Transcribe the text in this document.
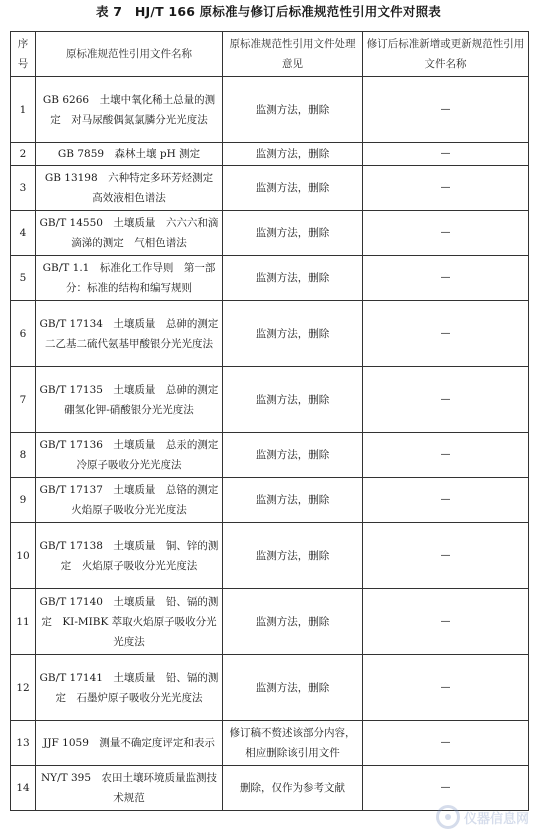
表 7　HJ/T 166 原标准与修订后标准规范性引用文件对照表
序号	原标准规范性引用文件名称	原标准规范性引用文件处理意见	修订后标准新增或更新规范性引用文件名称
1	GB 6266　土壤中氧化稀土总量的测定　对马尿酸偶氮氯膦分光光度法	监测方法，删除	—
2	GB 7859　森林土壤 pH 测定	监测方法，删除	—
3	GB 13198　六种特定多环芳烃测定　高效液相色谱法	监测方法，删除	—
4	GB/T 14550　土壤质量　六六六和滴滴涕的测定　气相色谱法	监测方法，删除	—
5	GB/T 1.1　标准化工作导则　第一部分：标准的结构和编写规则	监测方法，删除	—
6	GB/T 17134　土壤质量　总砷的测定　二乙基二硫代氨基甲酸银分光光度法	监测方法，删除	—
7	GB/T 17135　土壤质量　总砷的测定　硼氢化钾-硝酸银分光光度法	监测方法，删除	—
8	GB/T 17136　土壤质量　总汞的测定　冷原子吸收分光光度法	监测方法，删除	—
9	GB/T 17137　土壤质量　总铬的测定　火焰原子吸收分光光度法	监测方法，删除	—
10	GB/T 17138　土壤质量　铜、锌的测定　火焰原子吸收分光光度法	监测方法，删除	—
11	GB/T 17140　土壤质量　铅、镉的测定　KI-MIBK 萃取火焰原子吸收分光光度法	监测方法，删除	—
12	GB/T 17141　土壤质量　铅、镉的测定　石墨炉原子吸收分光光度法	监测方法，删除	—
13	JJF 1059　测量不确定度评定和表示	修订稿不赘述该部分内容，相应删除该引用文件	—
14	NY/T 395　农田土壤环境质量监测技术规范	删除，仅作为参考文献	—
仪器信息网
